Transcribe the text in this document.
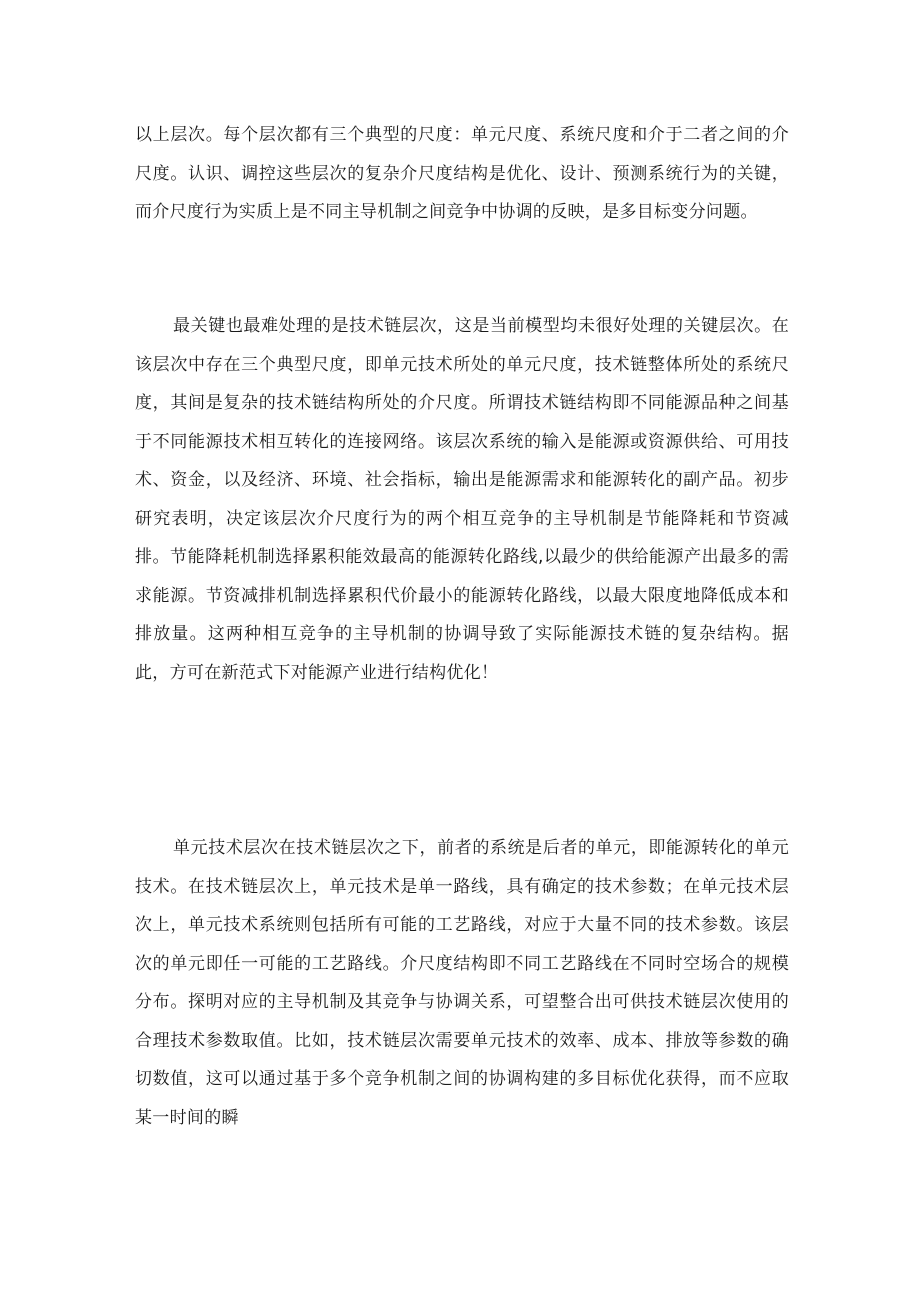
以上层次。每个层次都有三个典型的尺度：单元尺度、系统尺度和介于二者之间的介尺度。认识、调控这些层次的复杂介尺度结构是优化、设计、预测系统行为的关键，而介尺度行为实质上是不同主导机制之间竞争中协调的反映，是多目标变分问题。

最关键也最难处理的是技术链层次，这是当前模型均未很好处理的关键层次。在该层次中存在三个典型尺度，即单元技术所处的单元尺度，技术链整体所处的系统尺度，其间是复杂的技术链结构所处的介尺度。所谓技术链结构即不同能源品种之间基于不同能源技术相互转化的连接网络。该层次系统的输入是能源或资源供给、可用技术、资金，以及经济、环境、社会指标，输出是能源需求和能源转化的副产品。初步研究表明，决定该层次介尺度行为的两个相互竞争的主导机制是节能降耗和节资减排。节能降耗机制选择累积能效最高的能源转化路线,以最少的供给能源产出最多的需求能源。节资减排机制选择累积代价最小的能源转化路线，以最大限度地降低成本和排放量。这两种相互竞争的主导机制的协调导致了实际能源技术链的复杂结构。据此，方可在新范式下对能源产业进行结构优化！

单元技术层次在技术链层次之下，前者的系统是后者的单元，即能源转化的单元技术。在技术链层次上，单元技术是单一路线，具有确定的技术参数；在单元技术层次上，单元技术系统则包括所有可能的工艺路线，对应于大量不同的技术参数。该层次的单元即任一可能的工艺路线。介尺度结构即不同工艺路线在不同时空场合的规模分布。探明对应的主导机制及其竞争与协调关系，可望整合出可供技术链层次使用的合理技术参数取值。比如，技术链层次需要单元技术的效率、成本、排放等参数的确切数值，这可以通过基于多个竞争机制之间的协调构建的多目标优化获得，而不应取某一时间的瞬
